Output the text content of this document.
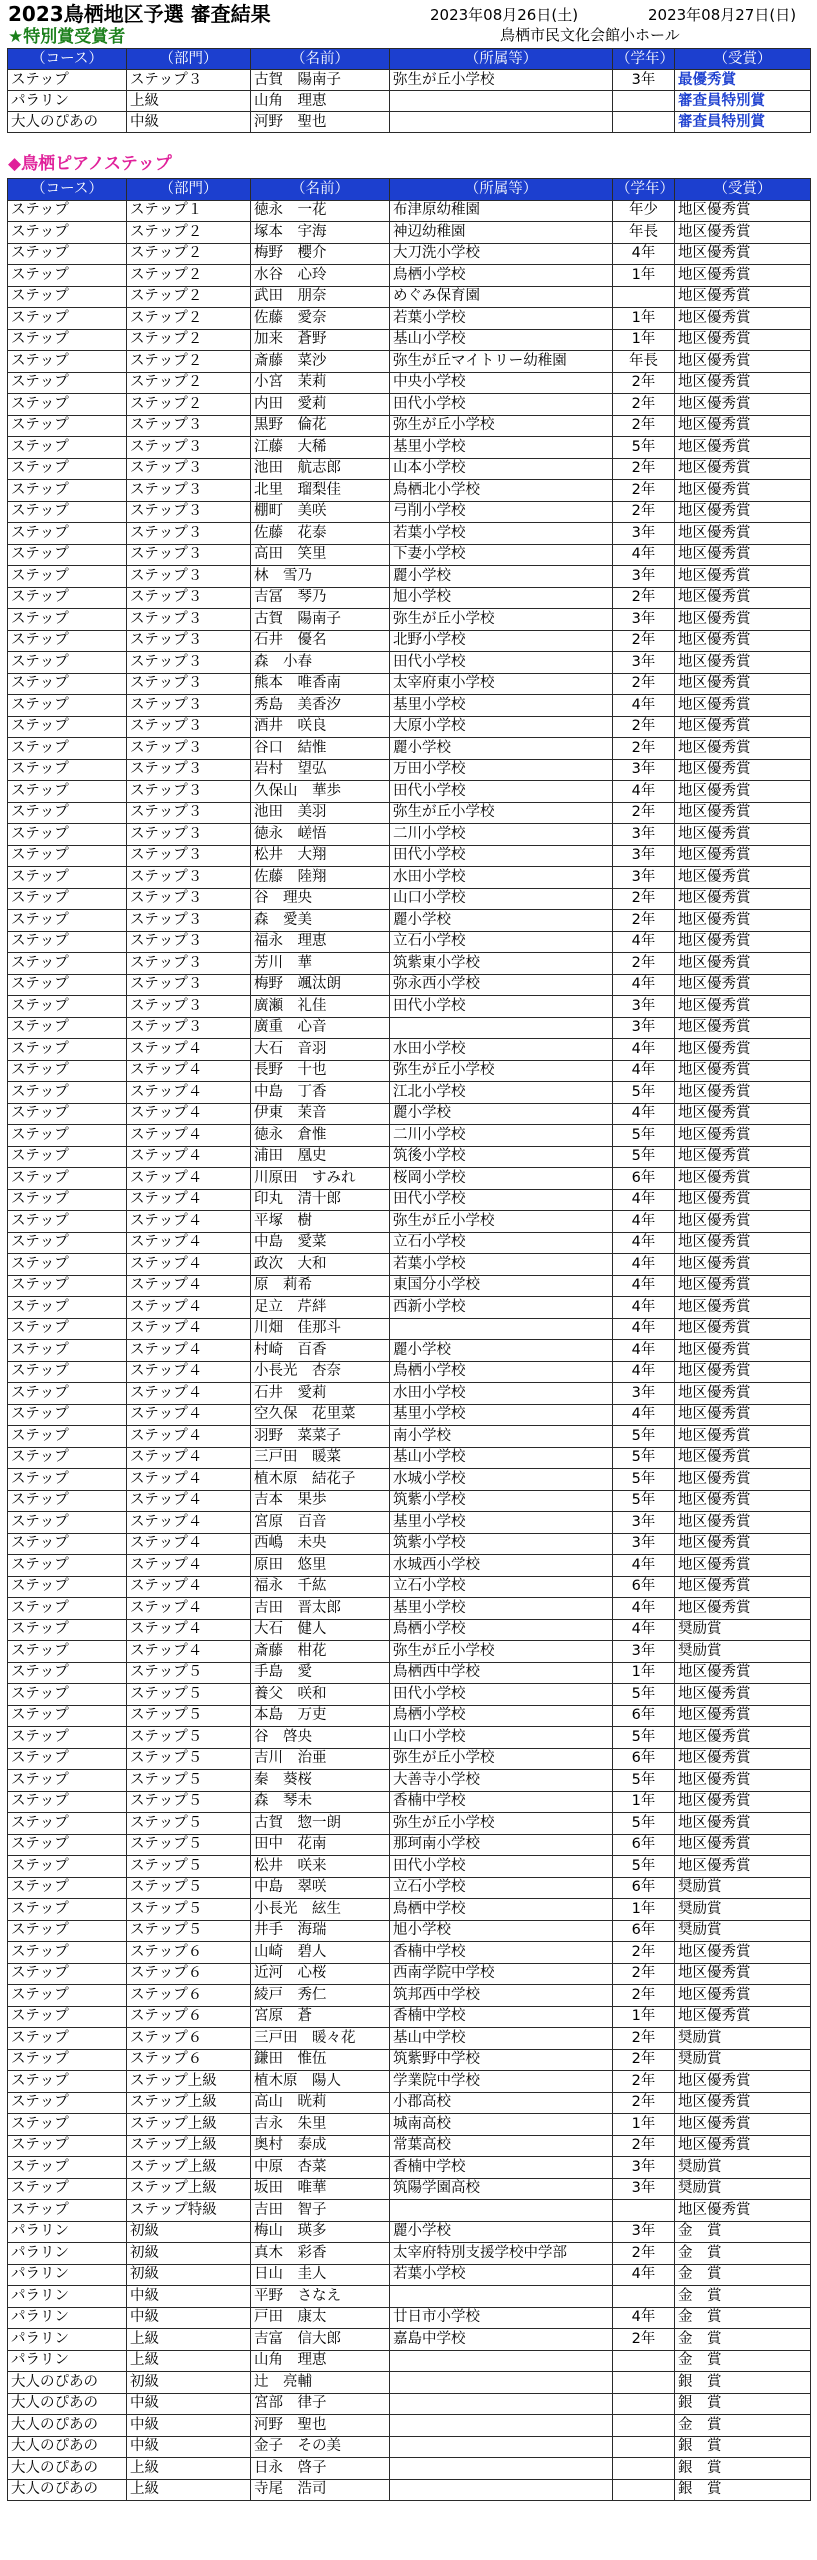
2023鳥栖地区予選 審査結果	2023年08月26日(土)	2023年08月27日(日)
★特別賞受賞者	鳥栖市民文化会館小ホール
（コース）	（部門）	（名前）	（所属等）	（学年）	（受賞）
ステップ	ステップ３	古賀　陽南子	弥生が丘小学校	3年	最優秀賞
パラリン	上級	山角　理恵			審査員特別賞
大人のぴあの	中級	河野　聖也			審査員特別賞
◆鳥栖ピアノステップ
（コース）	（部門）	（名前）	（所属等）	（学年）	（受賞）
ステップ	ステップ１	徳永　一花	布津原幼稚園	年少	地区優秀賞
ステップ	ステップ２	塚本　宇海	神辺幼稚園	年長	地区優秀賞
ステップ	ステップ２	梅野　櫻介	大刀洗小学校	4年	地区優秀賞
ステップ	ステップ２	水谷　心玲	鳥栖小学校	1年	地区優秀賞
ステップ	ステップ２	武田　朋奈	めぐみ保育園		地区優秀賞
ステップ	ステップ２	佐藤　愛奈	若葉小学校	1年	地区優秀賞
ステップ	ステップ２	加来　蒼野	基山小学校	1年	地区優秀賞
ステップ	ステップ２	斎藤　菜沙	弥生が丘マイトリー幼稚園	年長	地区優秀賞
ステップ	ステップ２	小宮　茉莉	中央小学校	2年	地区優秀賞
ステップ	ステップ２	内田　愛莉	田代小学校	2年	地区優秀賞
ステップ	ステップ３	黒野　倫花	弥生が丘小学校	2年	地区優秀賞
ステップ	ステップ３	江藤　大稀	基里小学校	5年	地区優秀賞
ステップ	ステップ３	池田　航志郎	山本小学校	2年	地区優秀賞
ステップ	ステップ３	北里　瑠梨佳	鳥栖北小学校	2年	地区優秀賞
ステップ	ステップ３	棚町　美咲	弓削小学校	2年	地区優秀賞
ステップ	ステップ３	佐藤　花泰	若葉小学校	3年	地区優秀賞
ステップ	ステップ３	高田　笑里	下妻小学校	4年	地区優秀賞
ステップ	ステップ３	林　雪乃	麗小学校	3年	地区優秀賞
ステップ	ステップ３	吉冨　琴乃	旭小学校	2年	地区優秀賞
ステップ	ステップ３	古賀　陽南子	弥生が丘小学校	3年	地区優秀賞
ステップ	ステップ３	石井　優名	北野小学校	2年	地区優秀賞
ステップ	ステップ３	森　小春	田代小学校	3年	地区優秀賞
ステップ	ステップ３	熊本　唯香南	太宰府東小学校	2年	地区優秀賞
ステップ	ステップ３	秀島　美香汐	基里小学校	4年	地区優秀賞
ステップ	ステップ３	酒井　咲良	大原小学校	2年	地区優秀賞
ステップ	ステップ３	谷口　結惟	麗小学校	2年	地区優秀賞
ステップ	ステップ３	岩村　望弘	万田小学校	3年	地区優秀賞
ステップ	ステップ３	久保山　華歩	田代小学校	4年	地区優秀賞
ステップ	ステップ３	池田　美羽	弥生が丘小学校	2年	地区優秀賞
ステップ	ステップ３	徳永　嵯悟	二川小学校	3年	地区優秀賞
ステップ	ステップ３	松井　大翔	田代小学校	3年	地区優秀賞
ステップ	ステップ３	佐藤　陸翔	水田小学校	3年	地区優秀賞
ステップ	ステップ３	谷　理央	山口小学校	2年	地区優秀賞
ステップ	ステップ３	森　愛美	麗小学校	2年	地区優秀賞
ステップ	ステップ３	福永　理恵	立石小学校	4年	地区優秀賞
ステップ	ステップ３	芳川　華	筑紫東小学校	2年	地区優秀賞
ステップ	ステップ３	梅野　颯汰朗	弥永西小学校	4年	地区優秀賞
ステップ	ステップ３	廣瀬　礼佳	田代小学校	3年	地区優秀賞
ステップ	ステップ３	廣重　心音		3年	地区優秀賞
ステップ	ステップ４	大石　音羽	水田小学校	4年	地区優秀賞
ステップ	ステップ４	長野　十也	弥生が丘小学校	4年	地区優秀賞
ステップ	ステップ４	中島　丁香	江北小学校	5年	地区優秀賞
ステップ	ステップ４	伊東　茉音	麗小学校	4年	地区優秀賞
ステップ	ステップ４	徳永　倉惟	二川小学校	5年	地区優秀賞
ステップ	ステップ４	浦田　凰史	筑後小学校	5年	地区優秀賞
ステップ	ステップ４	川原田　すみれ	桜岡小学校	6年	地区優秀賞
ステップ	ステップ４	印丸　清十郎	田代小学校	4年	地区優秀賞
ステップ	ステップ４	平塚　樹	弥生が丘小学校	4年	地区優秀賞
ステップ	ステップ４	中島　愛菜	立石小学校	4年	地区優秀賞
ステップ	ステップ４	政次　大和	若葉小学校	4年	地区優秀賞
ステップ	ステップ４	原　莉希	東国分小学校	4年	地区優秀賞
ステップ	ステップ４	足立　芹絆	西新小学校	4年	地区優秀賞
ステップ	ステップ４	川畑　佳那斗		4年	地区優秀賞
ステップ	ステップ４	村崎　百香	麗小学校	4年	地区優秀賞
ステップ	ステップ４	小長光　杏奈	鳥栖小学校	4年	地区優秀賞
ステップ	ステップ４	石井　愛莉	水田小学校	3年	地区優秀賞
ステップ	ステップ４	空久保　花里菜	基里小学校	4年	地区優秀賞
ステップ	ステップ４	羽野　菜菜子	南小学校	5年	地区優秀賞
ステップ	ステップ４	三戸田　暖菜	基山小学校	5年	地区優秀賞
ステップ	ステップ４	植木原　結花子	水城小学校	5年	地区優秀賞
ステップ	ステップ４	吉本　果歩	筑紫小学校	5年	地区優秀賞
ステップ	ステップ４	宮原　百音	基里小学校	3年	地区優秀賞
ステップ	ステップ４	西嶋　未央	筑紫小学校	3年	地区優秀賞
ステップ	ステップ４	原田　悠里	水城西小学校	4年	地区優秀賞
ステップ	ステップ４	福永　千紘	立石小学校	6年	地区優秀賞
ステップ	ステップ４	吉田　晋太郎	基里小学校	4年	地区優秀賞
ステップ	ステップ４	大石　健人	鳥栖小学校	4年	奨励賞
ステップ	ステップ４	斎藤　柑花	弥生が丘小学校	3年	奨励賞
ステップ	ステップ５	手島　愛	鳥栖西中学校	1年	地区優秀賞
ステップ	ステップ５	養父　咲和	田代小学校	5年	地区優秀賞
ステップ	ステップ５	本島　万吏	鳥栖小学校	6年	地区優秀賞
ステップ	ステップ５	谷　啓央	山口小学校	5年	地区優秀賞
ステップ	ステップ５	吉川　治亜	弥生が丘小学校	6年	地区優秀賞
ステップ	ステップ５	秦　葵桜	大善寺小学校	5年	地区優秀賞
ステップ	ステップ５	森　琴未	香楠中学校	1年	地区優秀賞
ステップ	ステップ５	古賀　惣一朗	弥生が丘小学校	5年	地区優秀賞
ステップ	ステップ５	田中　花南	那珂南小学校	6年	地区優秀賞
ステップ	ステップ５	松井　咲来	田代小学校	5年	地区優秀賞
ステップ	ステップ５	中島　翠咲	立石小学校	6年	奨励賞
ステップ	ステップ５	小長光　絃生	鳥栖中学校	1年	奨励賞
ステップ	ステップ５	井手　海瑞	旭小学校	6年	奨励賞
ステップ	ステップ６	山崎　碧人	香楠中学校	2年	地区優秀賞
ステップ	ステップ６	近河　心桜	西南学院中学校	2年	地区優秀賞
ステップ	ステップ６	綾戸　秀仁	筑邦西中学校	2年	地区優秀賞
ステップ	ステップ６	宮原　蒼	香楠中学校	1年	地区優秀賞
ステップ	ステップ６	三戸田　暖々花	基山中学校	2年	奨励賞
ステップ	ステップ６	鎌田　惟伍	筑紫野中学校	2年	奨励賞
ステップ	ステップ上級	植木原　陽人	学業院中学校	2年	地区優秀賞
ステップ	ステップ上級	高山　晄莉	小郡高校	2年	地区優秀賞
ステップ	ステップ上級	吉永　朱里	城南高校	1年	地区優秀賞
ステップ	ステップ上級	奥村　泰成	常葉高校	2年	地区優秀賞
ステップ	ステップ上級	中原　杏菜	香楠中学校	3年	奨励賞
ステップ	ステップ上級	坂田　唯華	筑陽学園高校	3年	奨励賞
ステップ	ステップ特級	吉田　智子			地区優秀賞
パラリン	初級	梅山　瑛多	麗小学校	3年	金　賞
パラリン	初級	真木　彩香	太宰府特別支援学校中学部	2年	金　賞
パラリン	初級	日山　圭人	若葉小学校	4年	金　賞
パラリン	中級	平野　さなえ			金　賞
パラリン	中級	戸田　康太	廿日市小学校	4年	金　賞
パラリン	上級	吉富　信大郎	嘉島中学校	2年	金　賞
パラリン	上級	山角　理恵			金　賞
大人のぴあの	初級	辻　亮輔			銀　賞
大人のぴあの	中級	宮部　律子			銀　賞
大人のぴあの	中級	河野　聖也			金　賞
大人のぴあの	中級	金子　その美			銀　賞
大人のぴあの	上級	日永　啓子			銀　賞
大人のぴあの	上級	寺尾　浩司			銀　賞
